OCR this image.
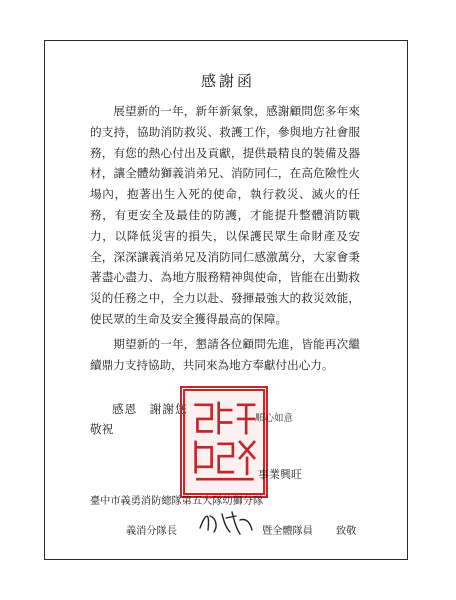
感謝函

展望新的一年，新年新氣象，感謝顧問您多年來的支持，協助消防救災、救護工作，參與地方社會服務，有您的熱心付出及貢獻，提供最精良的裝備及器材，讓全體幼獅義消弟兄、消防同仁，在高危險性火場內，抱著出生入死的使命，執行救災、滅火的任務，有更安全及最佳的防護，才能提升整體消防戰力，以降低災害的損失，以保護民眾生命財產及安全，深深讓義消弟兄及消防同仁感激萬分，大家會秉著盡心盡力、為地方服務精神與使命，皆能在出勤救災的任務之中，全力以赴、發揮最強大的救災效能，使民眾的生命及安全獲得最高的保障。

期望新的一年，懇請各位顧問先進，皆能再次繼續鼎力支持協助，共同來為地方奉獻付出心力。

感恩　謝謝您
敬祝
順心如意
事業興旺
臺中市義勇消防總隊第五大隊幼獅分隊
義消分隊長	暨全體隊員 致敬
